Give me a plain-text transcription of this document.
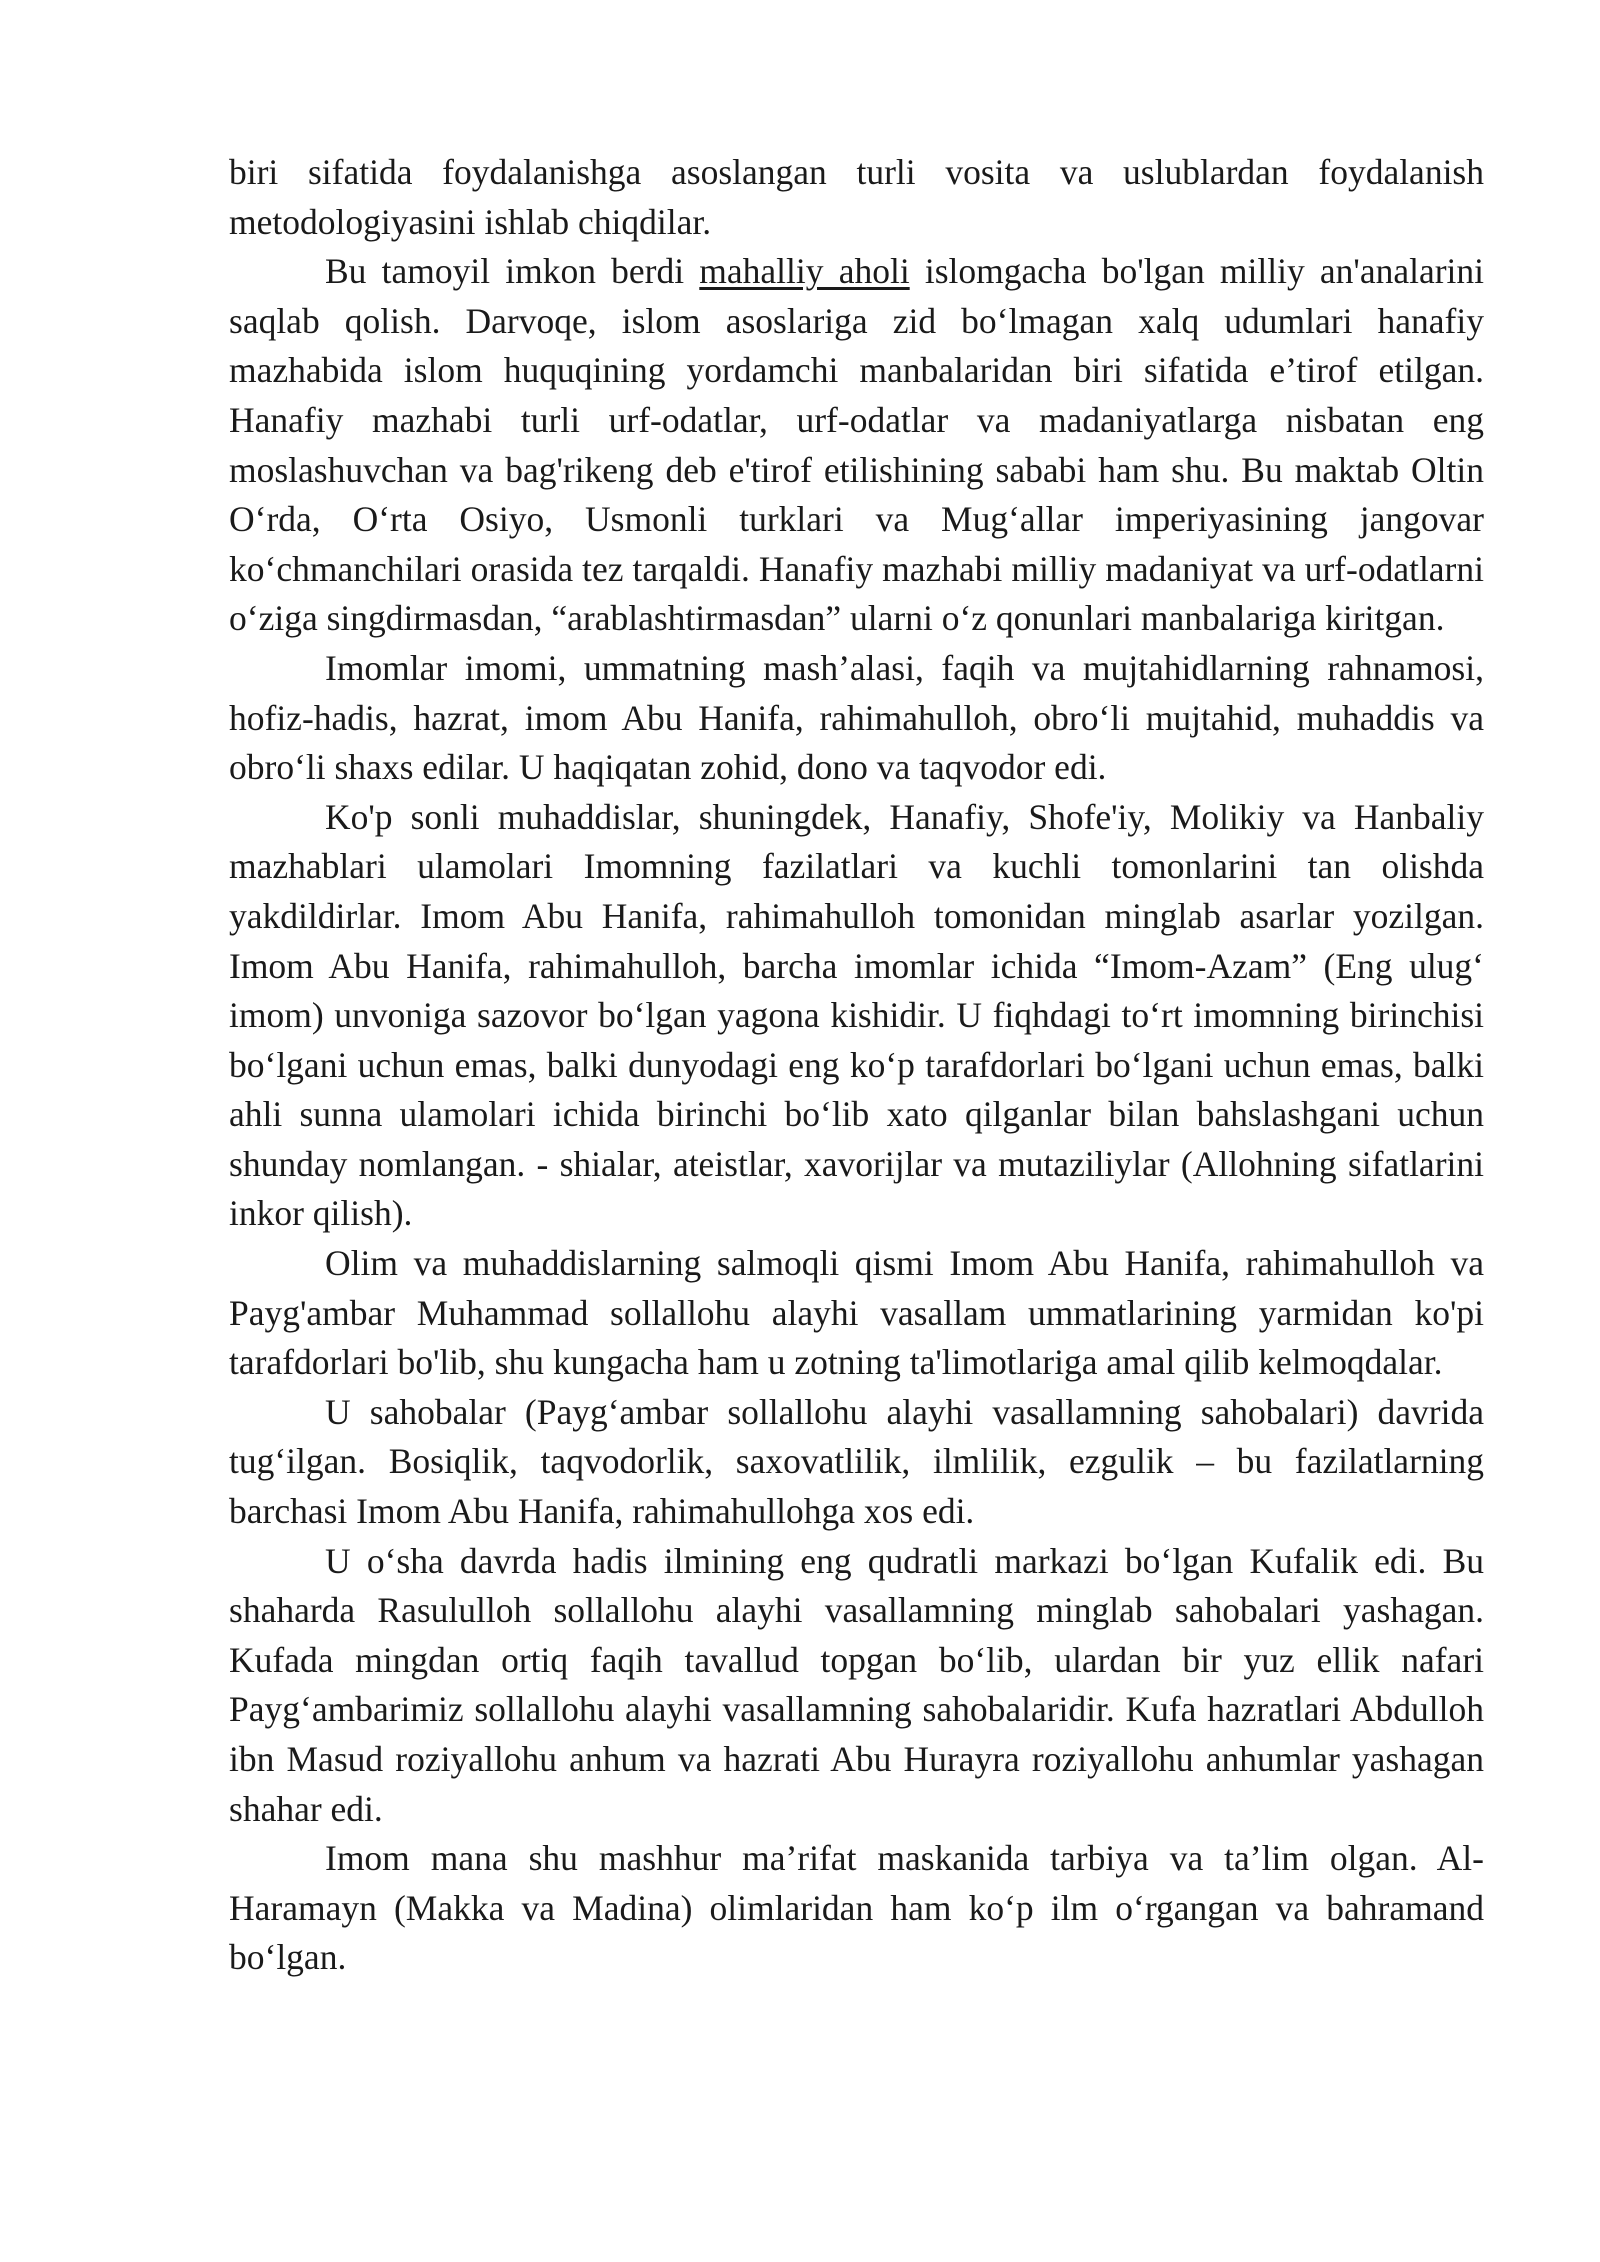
biri sifatida foydalanishga asoslangan turli vosita va uslublardan foydalanish metodologiyasini ishlab chiqdilar.

Bu tamoyil imkon berdi mahalliy aholi islomgacha bo'lgan milliy an'analarini saqlab qolish. Darvoqe, islom asoslariga zid bo‘lmagan xalq udumlari hanafiy mazhabida islom huquqining yordamchi manbalaridan biri sifatida e’tirof etilgan. Hanafiy mazhabi turli urf-odatlar, urf-odatlar va madaniyatlarga nisbatan eng moslashuvchan va bag'rikeng deb e'tirof etilishining sababi ham shu. Bu maktab Oltin O‘rda, O‘rta Osiyo, Usmonli turklari va Mug‘allar imperiyasining jangovar ko‘chmanchilari orasida tez tarqaldi. Hanafiy mazhabi milliy madaniyat va urf-odatlarni o‘ziga singdirmasdan, “arablashtirmasdan” ularni o‘z qonunlari manbalariga kiritgan.

Imomlar imomi, ummatning mash’alasi, faqih va mujtahidlarning rahnamosi, hofiz-hadis, hazrat, imom Abu Hanifa, rahimahulloh, obro‘li mujtahid, muhaddis va obro‘li shaxs edilar. U haqiqatan zohid, dono va taqvodor edi.

Ko'p sonli muhaddislar, shuningdek, Hanafiy, Shofe'iy, Molikiy va Hanbaliy mazhablari ulamolari Imomning fazilatlari va kuchli tomonlarini tan olishda yakdildirlar. Imom Abu Hanifa, rahimahulloh tomonidan minglab asarlar yozilgan. Imom Abu Hanifa, rahimahulloh, barcha imomlar ichida “Imom-Azam” (Eng ulug‘ imom) unvoniga sazovor bo‘lgan yagona kishidir. U fiqhdagi to‘rt imomning birinchisi bo‘lgani uchun emas, balki dunyodagi eng ko‘p tarafdorlari bo‘lgani uchun emas, balki ahli sunna ulamolari ichida birinchi bo‘lib xato qilganlar bilan bahslashgani uchun shunday nomlangan. - shialar, ateistlar, xavorijlar va mutaziliylar (Allohning sifatlarini inkor qilish).

Olim va muhaddislarning salmoqli qismi Imom Abu Hanifa, rahimahulloh va Payg'ambar Muhammad sollallohu alayhi vasallam ummatlarining yarmidan ko'pi tarafdorlari bo'lib, shu kungacha ham u zotning ta'limotlariga amal qilib kelmoqdalar.

U sahobalar (Payg‘ambar sollallohu alayhi vasallamning sahobalari) davrida tug‘ilgan. Bosiqlik, taqvodorlik, saxovatlilik, ilmlilik, ezgulik – bu fazilatlarning barchasi Imom Abu Hanifa, rahimahullohga xos edi.

U o‘sha davrda hadis ilmining eng qudratli markazi bo‘lgan Kufalik edi. Bu shaharda Rasululloh sollallohu alayhi vasallamning minglab sahobalari yashagan. Kufada mingdan ortiq faqih tavallud topgan bo‘lib, ulardan bir yuz ellik nafari Payg‘ambarimiz sollallohu alayhi vasallamning sahobalaridir. Kufa hazratlari Abdulloh ibn Masud roziyallohu anhum va hazrati Abu Hurayra roziyallohu anhumlar yashagan shahar edi.

Imom mana shu mashhur ma’rifat maskanida tarbiya va ta’lim olgan. Al-Haramayn (Makka va Madina) olimlaridan ham ko‘p ilm o‘rgangan va bahramand bo‘lgan.
